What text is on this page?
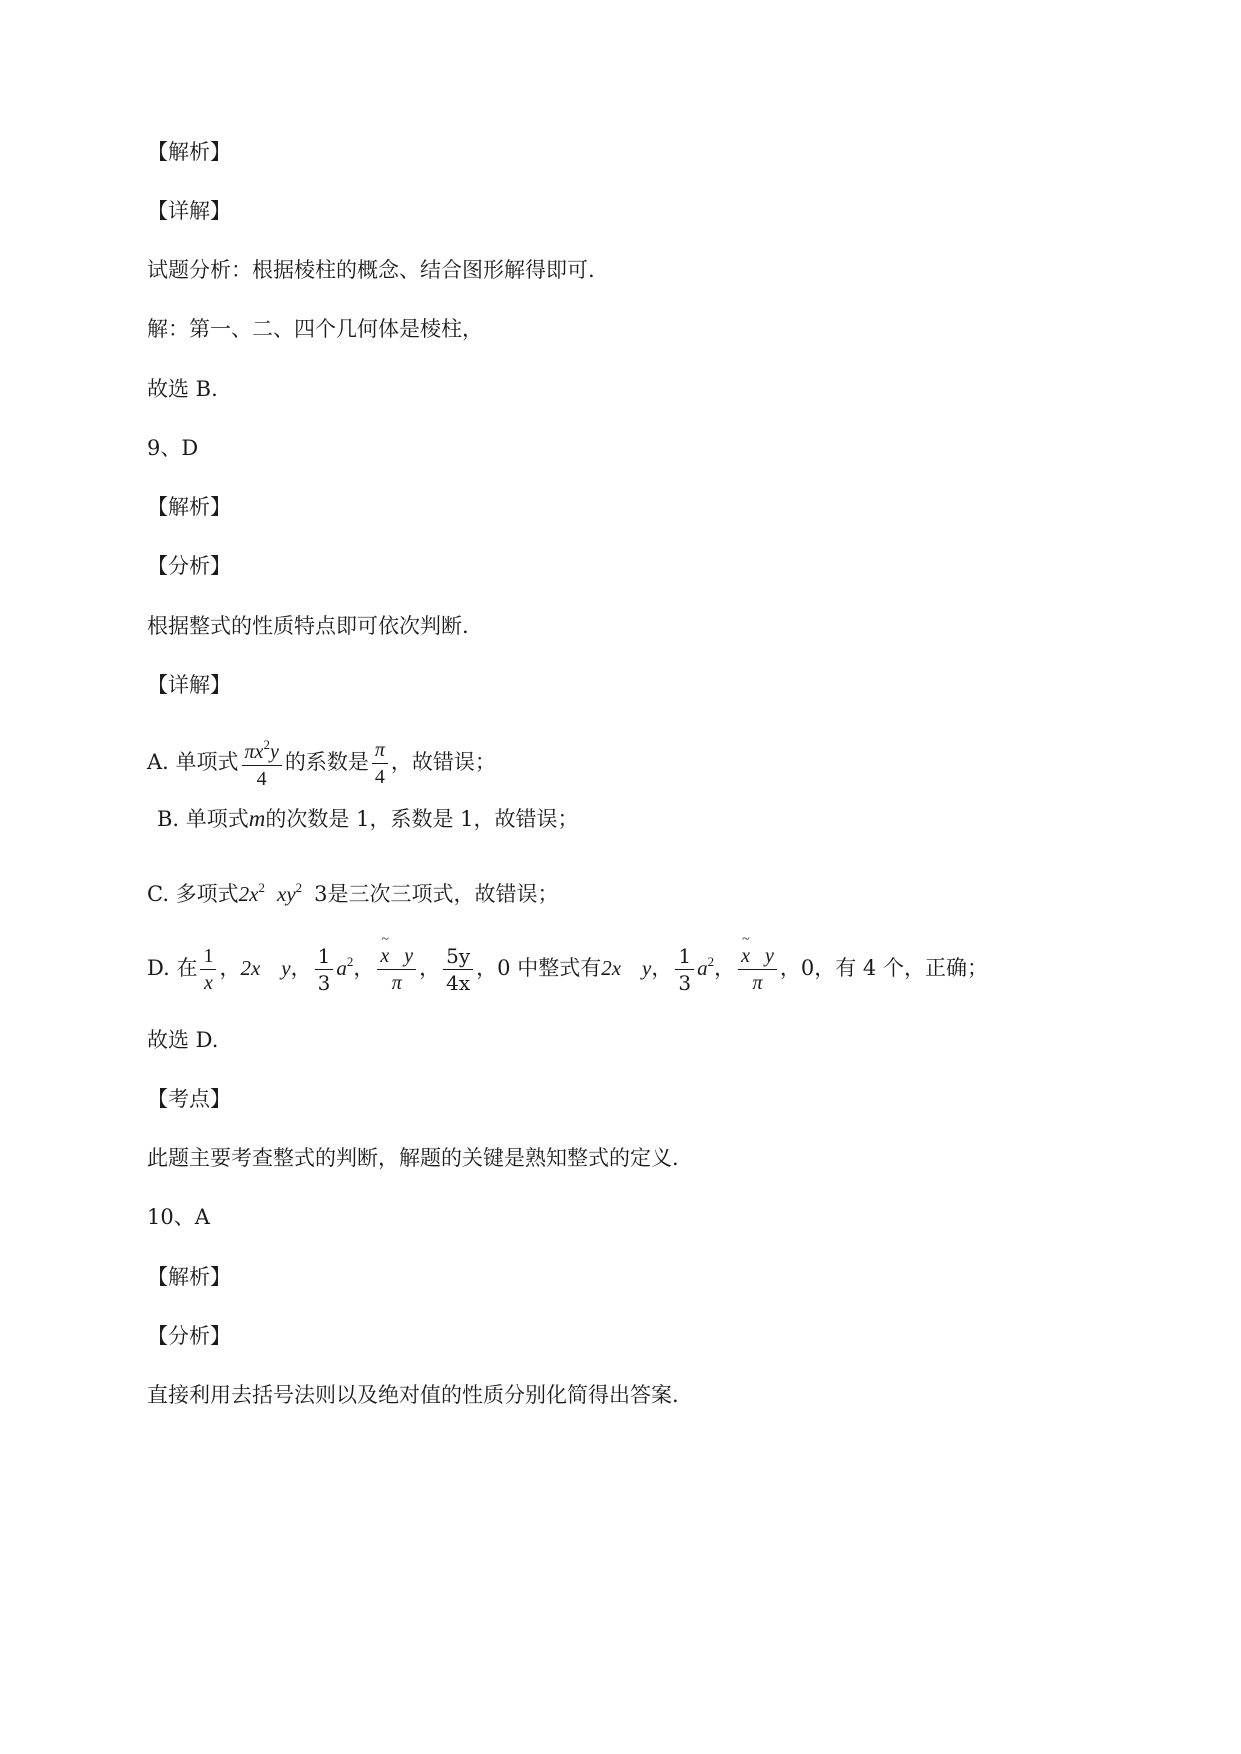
【解析】
【详解】
试题分析：根据棱柱的概念、结合图形解得即可.
解：第一、二、四个几何体是棱柱，
故选 B.
9、D
【解析】
【分析】
根据整式的性质特点即可依次判断.
【详解】
A. 单项式 $\frac{\pi x^2y}{4}$ 的系数是 $\frac{\pi}{4}$ ，故错误；
B. 单项式m的次数是 1，系数是 1，故错误；
C. 多项式$2x^2$ $xy^2$ 3是三次三项式，故错误；
D. 在 $\frac{1}{x}$ ，2x    y， $\frac{1}{3} a^2$， ~ $\frac{\text{x y}}{\pi}$ ， $\frac{5y}{4x}$ ，0 中整式有2x    y， $\frac{1}{3} a^2$， ~ $\frac{\text{x y}}{\pi}$ ，0，有 4 个，正确；
故选 D.
【考点】
此题主要考查整式的判断，解题的关键是熟知整式的定义.
10、A
【解析】
【分析】
直接利用去括号法则以及绝对值的性质分别化简得出答案.
